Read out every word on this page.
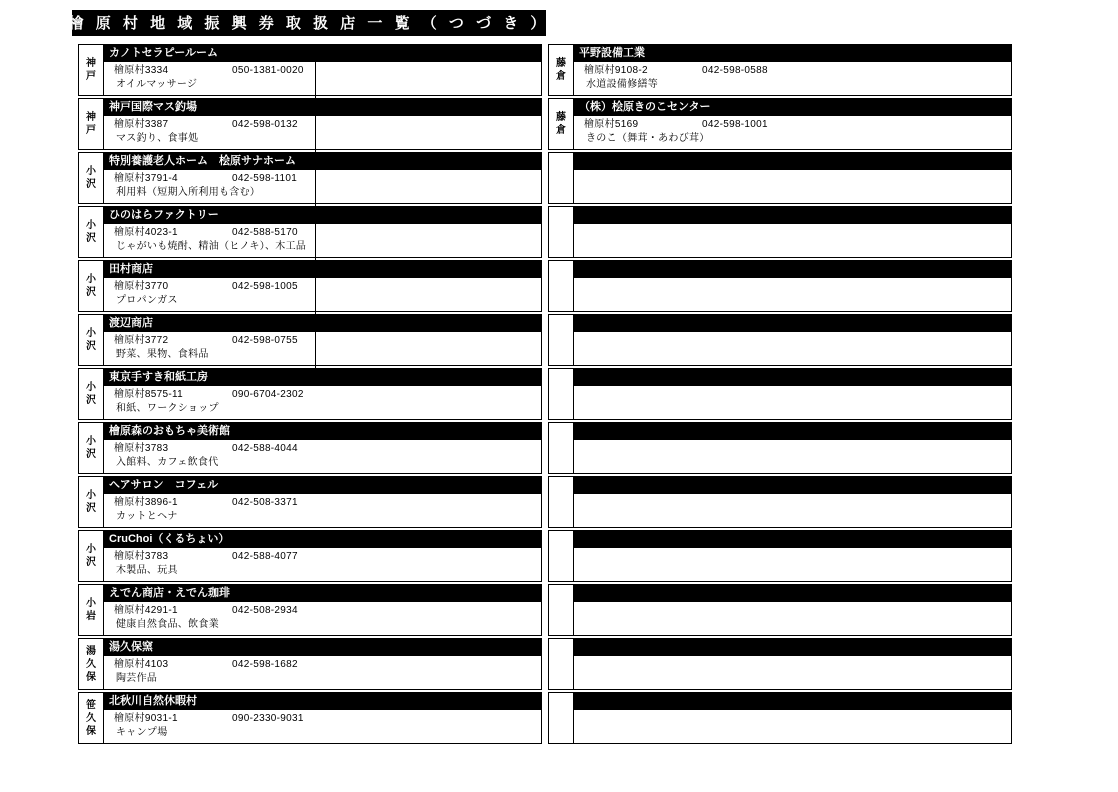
檜 原 村 地 域 振 興 券 取 扱 店 一 覧 （ つ づ き ）
神
戸
カノトセラピールーム
檜原村3334	050-1381-0020
オイルマッサージ
神
戸
神戸国際マス釣場
檜原村3387	042-598-0132
マス釣り、食事処
小
沢
特別養護老人ホーム　桧原サナホーム
檜原村3791-4	042-598-1101
利用料（短期入所利用も含む）
小
沢
ひのはらファクトリー
檜原村4023-1	042-588-5170
じゃがいも焼酎、精油（ヒノキ）、木工品
小
沢
田村商店
檜原村3770	042-598-1005
プロパンガス
小
沢
渡辺商店
檜原村3772	042-598-0755
野菜、果物、食料品
小
沢
東京手すき和紙工房
檜原村8575-11	090-6704-2302
和紙、ワークショップ
小
沢
檜原森のおもちゃ美術館
檜原村3783	042-588-4044
入館料、カフェ飲食代
小
沢
ヘアサロン　コフェル
檜原村3896-1	042-508-3371
カットとヘナ
小
沢
CruChoi（くるちょい）
檜原村3783	042-588-4077
木製品、玩具
小
岩
えでん商店・えでん珈琲
檜原村4291-1	042-508-2934
健康自然食品、飲食業
湯
久
保
湯久保窯
檜原村4103	042-598-1682
陶芸作品
笹
久
保
北秋川自然休暇村
檜原村9031-1	090-2330-9031
キャンプ場
藤
倉
平野設備工業
檜原村9108-2	042-598-0588
水道設備修繕等
藤
倉
（株）桧原きのこセンター
檜原村5169	042-598-1001
きのこ（舞茸・あわび茸）
